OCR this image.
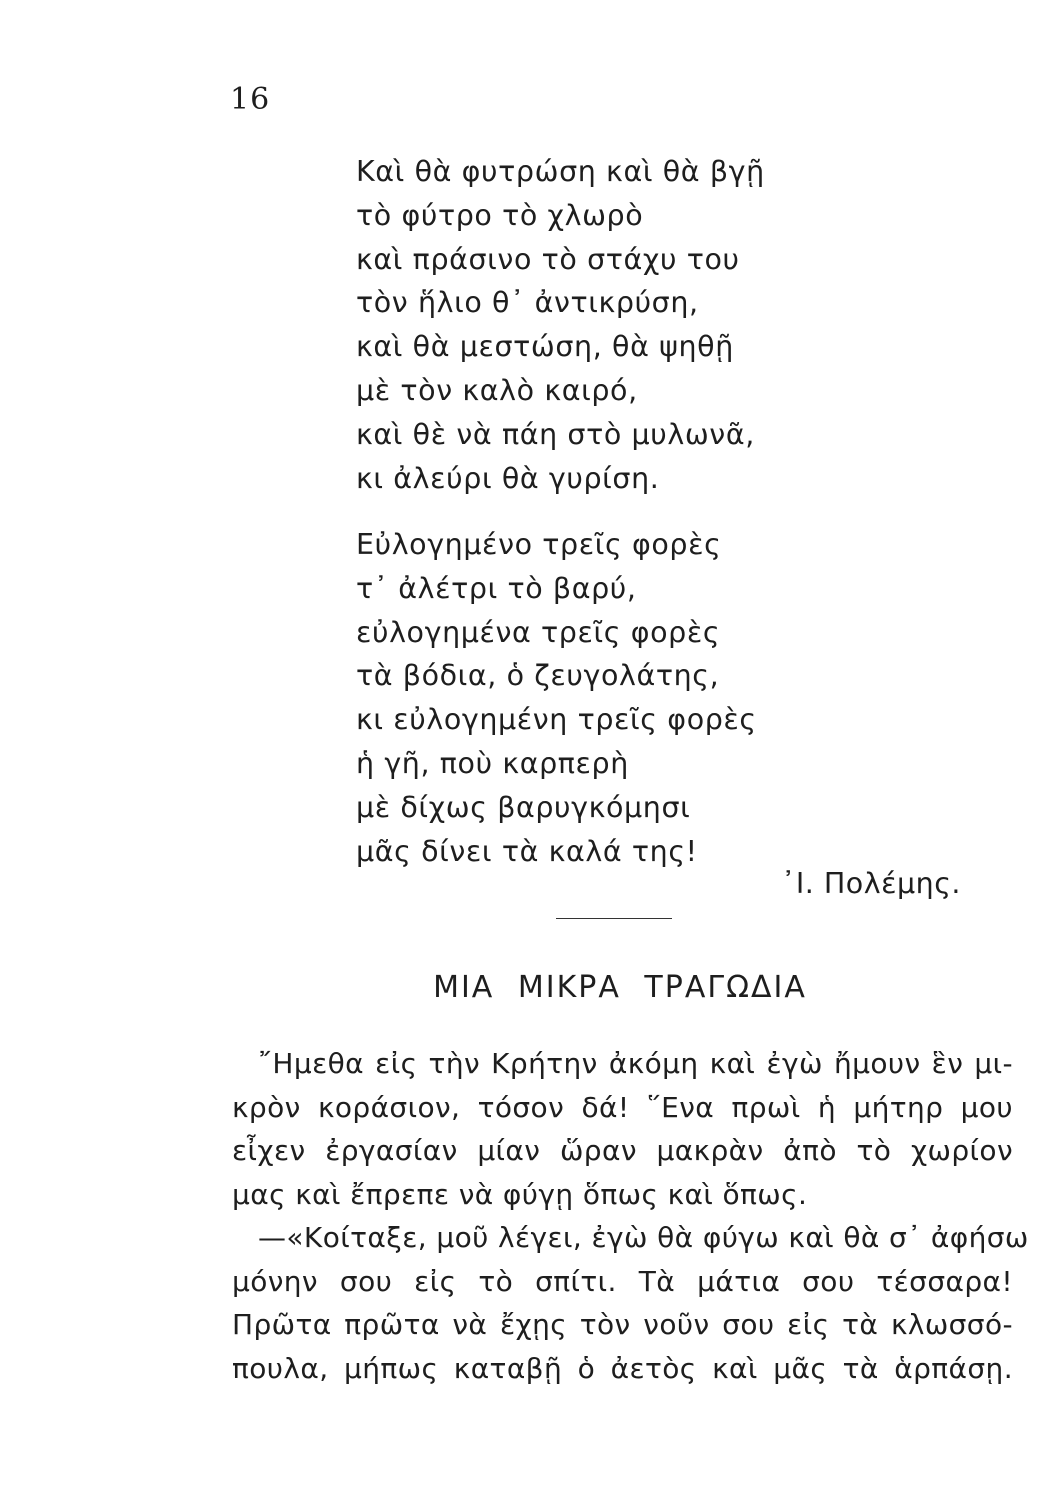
16
Καὶ θὰ φυτρώση καὶ θὰ βγῇ
τὸ φύτρο τὸ χλωρὸ
καὶ πράσινο τὸ στάχυ του
τὸν ἥλιο θ᾿ ἀντικρύση,
καὶ θὰ μεστώση, θὰ ψηθῇ
μὲ τὸν καλὸ καιρό,
καὶ θὲ νὰ πάη στὸ μυλωνᾶ,
κι ἀλεύρι θὰ γυρίση.
Εὐλογημένο τρεῖς φορὲς
τ᾿ ἀλέτρι τὸ βαρύ,
εὐλογημένα τρεῖς φορὲς
τὰ βόδια, ὁ ζευγολάτης,
κι εὐλογημένη τρεῖς φορὲς
ἡ γῆ, ποὺ καρπερὴ
μὲ δίχως βαρυγκόμησι
μᾶς δίνει τὰ καλά της!
᾿Ι. Πολέμης.
ΜΙΑ ΜΙΚΡΑ ΤΡΑΓΩΔΙΑ
῎Ημεθα εἰς τὴν Κρήτην ἀκόμη καὶ ἐγὼ ἤμουν ἓν μι-
κρὸν κοράσιον, τόσον δά! ῞Ενα πρωὶ ἡ μήτηρ μου
εἶχεν ἐργασίαν μίαν ὥραν μακρὰν ἀπὸ τὸ χωρίον
μας καὶ ἔπρεπε νὰ φύγῃ ὅπως καὶ ὅπως.
—«Κοίταξε, μοῦ λέγει, ἐγὼ θὰ φύγω καὶ θὰ σ᾿ ἀφήσω
μόνην σου εἰς τὸ σπίτι. Τὰ μάτια σου τέσσαρα!
Πρῶτα πρῶτα νὰ ἔχῃς τὸν νοῦν σου εἰς τὰ κλωσσό-
πουλα, μήπως καταβῇ ὁ ἀετὸς καὶ μᾶς τὰ ἁρπάσῃ.
